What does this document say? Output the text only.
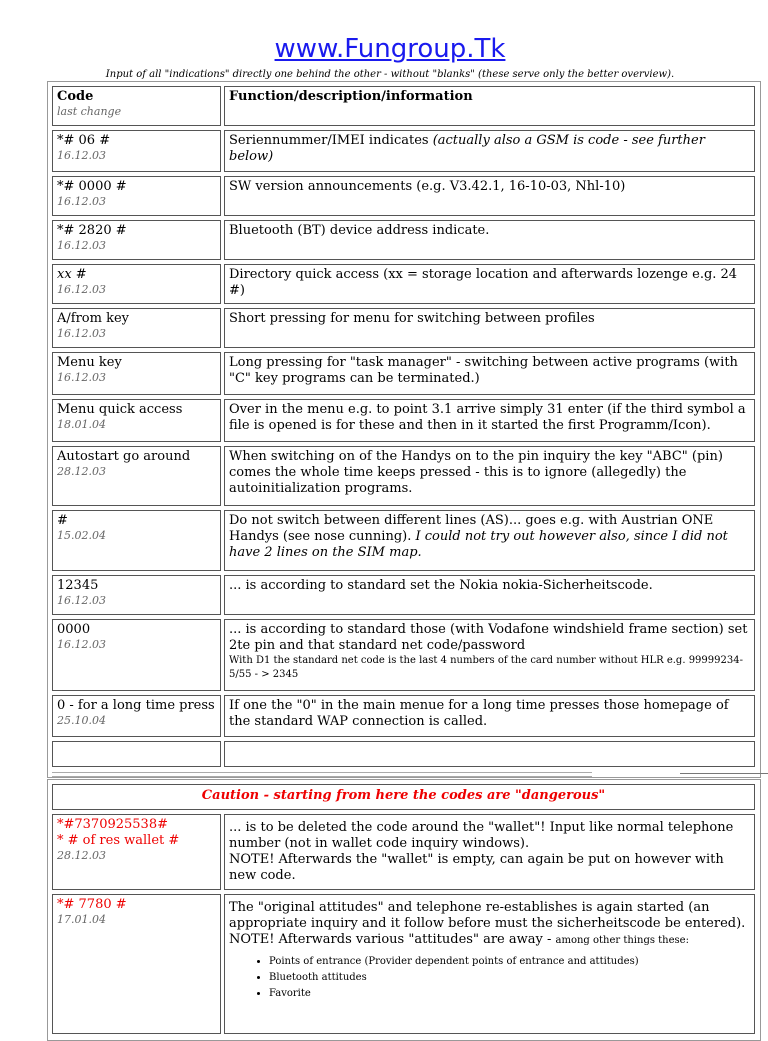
www.Fungroup.Tk
Input of all "indications" directly one behind the other - without "blanks" (these serve only the better overview).
Code
last change
Function/description/information
*# 06 #
16.12.03
Seriennummer/IMEI indicates (actually also a GSM is code - see further below)
*# 0000 #
16.12.03
SW version announcements (e.g. V3.42.1, 16-10-03, Nhl-10)
*# 2820 #
16.12.03
Bluetooth (BT) device address indicate.
xx #
16.12.03
Directory quick access (xx = storage location and afterwards lozenge e.g. 24 #)
A/from key
16.12.03
Short pressing for menu for switching between profiles
Menu key
16.12.03
Long pressing for "task manager" - switching between active programs (with "C" key programs can be terminated.)
Menu quick access
18.01.04
Over in the menu e.g. to point 3.1 arrive simply 31 enter (if the third symbol a file is opened is for these and then in it started the first Programm/Icon).
Autostart go around
28.12.03
When switching on of the Handys on to the pin inquiry the key "ABC" (pin) comes the whole time keeps pressed - this is to ignore (allegedly) the autoinitialization programs.
#
15.02.04
Do not switch between different lines (AS)... goes e.g. with Austrian ONE Handys (see nose cunning). I could not try out however also, since I did not have 2 lines on the SIM map.
12345
16.12.03
... is according to standard set the Nokia nokia-Sicherheitscode.
0000
16.12.03
... is according to standard those (with Vodafone windshield frame section) set 2te pin and that standard net code/password
With D1 the standard net code is the last 4 numbers of the card number without HLR e.g. 99999234-5/55 - > 2345
0 - for a long time press
25.10.04
If one the "0" in the main menue for a long time presses those homepage of the standard WAP connection is called.
Caution - starting from here the codes are "dangerous"
*#7370925538#
* # of res wallet #
28.12.03
... is to be deleted the code around the "wallet"! Input like normal telephone number (not in wallet code inquiry windows).
NOTE! Afterwards the "wallet" is empty, can again be put on however with new code.
*# 7780 #
17.01.04
The "original attitudes" and telephone re-establishes is again started (an appropriate inquiry and it follow before must the sicherheitscode be entered).
NOTE! Afterwards various "attitudes" are away - among other things these:
• Points of entrance (Provider dependent points of entrance and attitudes)
• Bluetooth attitudes
• Favorite
